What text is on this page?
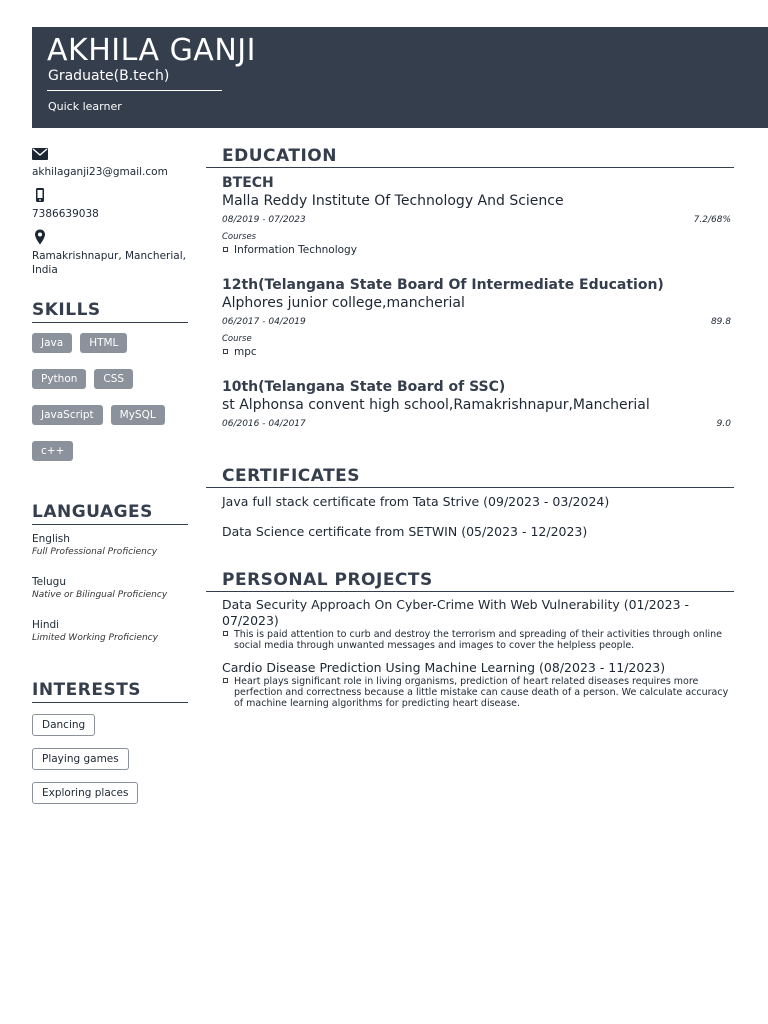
AKHILA GANJI
Graduate(B.tech)
Quick learner
akhilaganji23@gmail.com
7386639038
Ramakrishnapur, Mancherial, India
SKILLS
Java	HTML
Python	CSS
JavaScript	MySQL
c++
LANGUAGES
English
Full Professional Proficiency
Telugu
Native or Bilingual Proficiency
Hindi
Limited Working Proficiency
INTERESTS
Dancing
Playing games
Exploring places
EDUCATION
BTECH
Malla Reddy Institute Of Technology And Science
08/2019 - 07/2023	7.2/68%
Courses
Information Technology
12th(Telangana State Board Of Intermediate Education)
Alphores junior college,mancherial
06/2017 - 04/2019	89.8
Course
mpc
10th(Telangana State Board of SSC)
st Alphonsa convent high school,Ramakrishnapur,Mancherial
06/2016 - 04/2017	9.0
CERTIFICATES
Java full stack certificate from Tata Strive (09/2023 - 03/2024)
Data Science certificate from SETWIN (05/2023 - 12/2023)
PERSONAL PROJECTS
Data Security Approach On Cyber-Crime With Web Vulnerability (01/2023 - 07/2023)
This is paid attention to curb and destroy the terrorism and spreading of their activities through online social media through unwanted messages and images to cover the helpless people.
Cardio Disease Prediction Using Machine Learning (08/2023 - 11/2023)
Heart plays significant role in living organisms, prediction of heart related diseases requires more perfection and correctness because a little mistake can cause death of a person. We calculate accuracy of machine learning algorithms for predicting heart disease.
